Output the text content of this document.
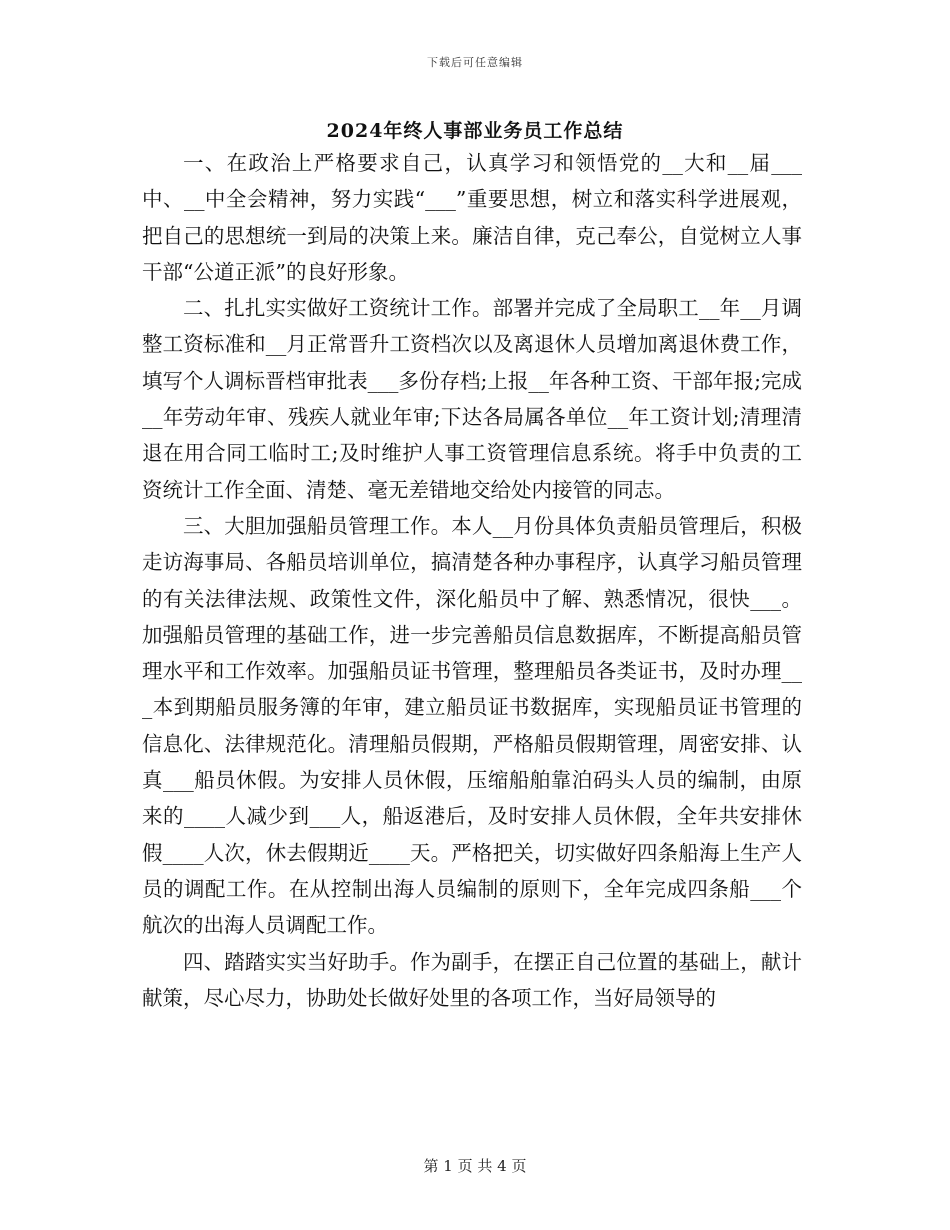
下载后可任意编辑
2024年终人事部业务员工作总结

一、在政治上严格要求自己，认真学习和领悟党的__大和__届___中、__中全会精神，努力实践“___”重要思想，树立和落实科学进展观，把自己的思想统一到局的决策上来。廉洁自律，克己奉公，自觉树立人事干部“公道正派”的良好形象。

二、扎扎实实做好工资统计工作。部署并完成了全局职工__年__月调整工资标准和__月正常晋升工资档次以及离退休人员增加离退休费工作，填写个人调标晋档审批表___多份存档;上报__年各种工资、干部年报;完成__年劳动年审、残疾人就业年审;下达各局属各单位__年工资计划;清理清退在用合同工临时工;及时维护人事工资管理信息系统。将手中负责的工资统计工作全面、清楚、毫无差错地交给处内接管的同志。

三、大胆加强船员管理工作。本人__月份具体负责船员管理后，积极走访海事局、各船员培训单位，搞清楚各种办事程序，认真学习船员管理的有关法律法规、政策性文件，深化船员中了解、熟悉情况，很快___。加强船员管理的基础工作，进一步完善船员信息数据库，不断提高船员管理水平和工作效率。加强船员证书管理，整理船员各类证书，及时办理___本到期船员服务簿的年审，建立船员证书数据库，实现船员证书管理的信息化、法律规范化。清理船员假期，严格船员假期管理，周密安排、认真___船员休假。为安排人员休假，压缩船舶靠泊码头人员的编制，由原来的____人减少到___人，船返港后，及时安排人员休假，全年共安排休假____人次，休去假期近____天。严格把关，切实做好四条船海上生产人员的调配工作。在从控制出海人员编制的原则下，全年完成四条船___个航次的出海人员调配工作。

四、踏踏实实当好助手。作为副手，在摆正自己位置的基础上，献计献策，尽心尽力，协助处长做好处里的各项工作，当好局领导的

第 1 页 共 4 页
